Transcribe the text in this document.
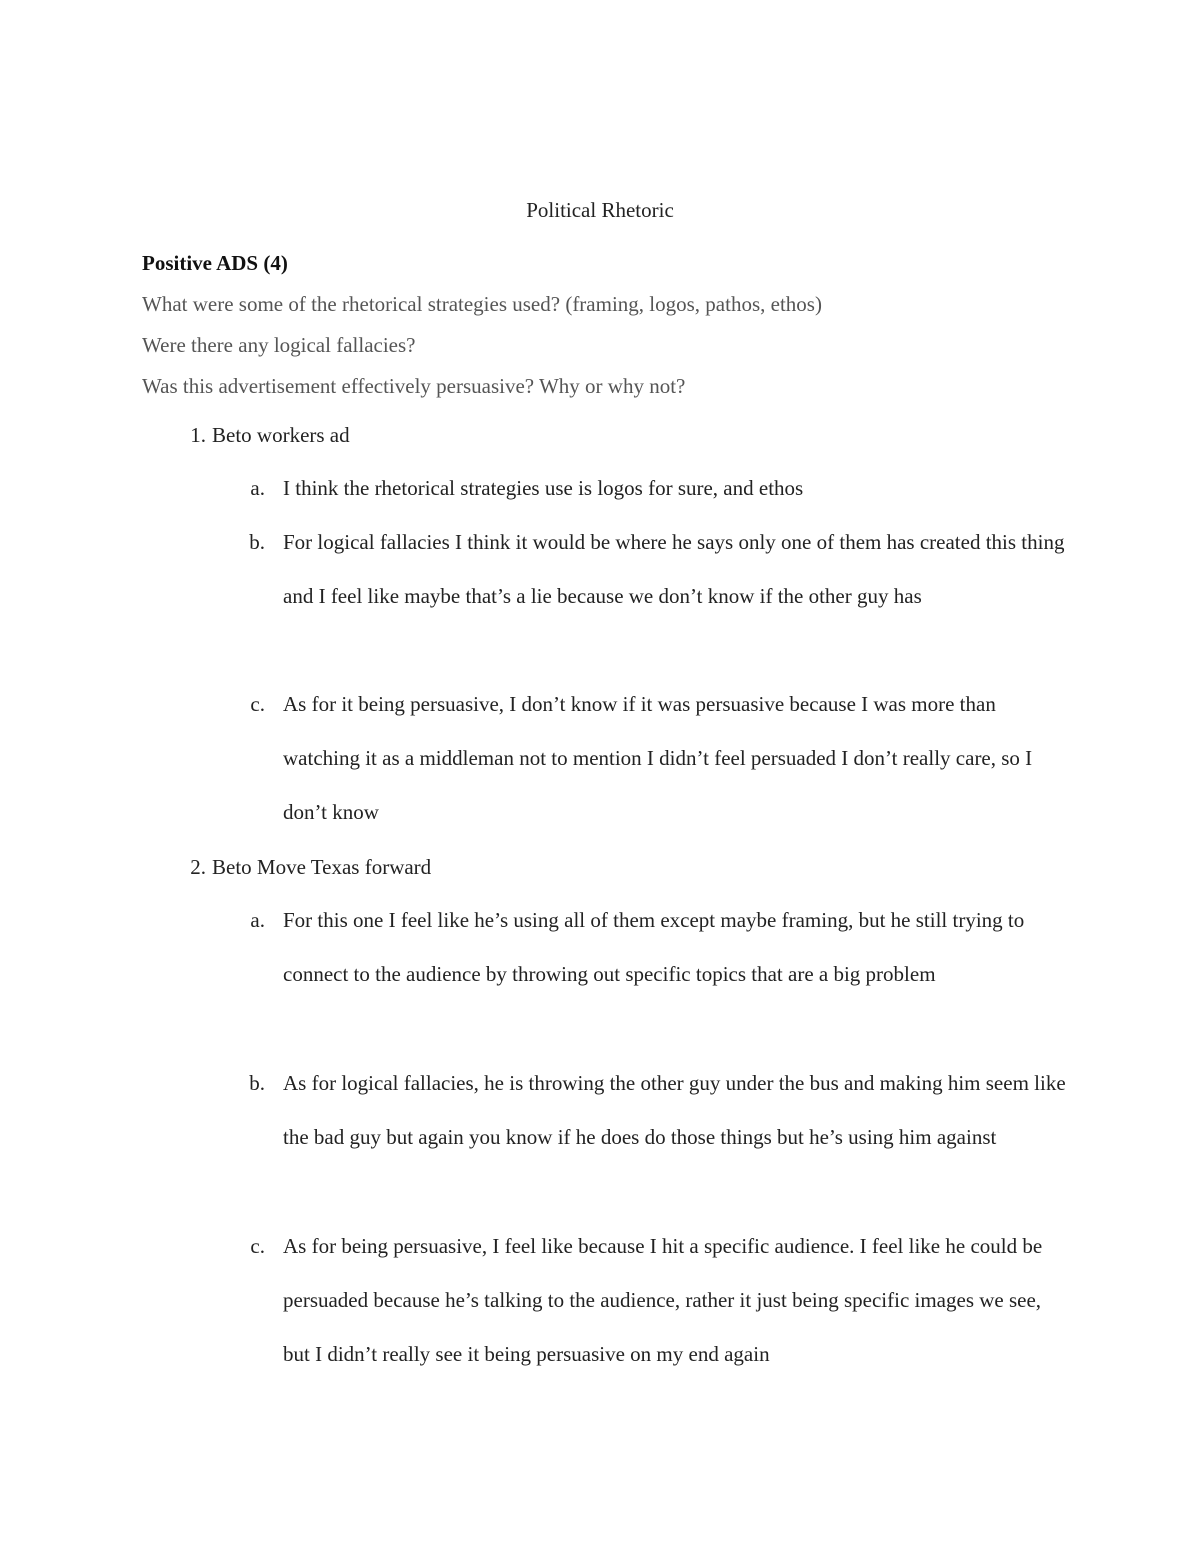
Political Rhetoric
Positive ADS (4)
What were some of the rhetorical strategies used? (framing, logos, pathos, ethos)
Were there any logical fallacies?
Was this advertisement effectively persuasive? Why or why not?
1. Beto workers ad
a. I think the rhetorical strategies use is logos for sure, and ethos
b. For logical fallacies I think it would be where he says only one of them has created this thing and I feel like maybe that’s a lie because we don’t know if the other guy has
c. As for it being persuasive, I don’t know if it was persuasive because I was more than watching it as a middleman not to mention I didn’t feel persuaded I don’t really care, so I don’t know
2. Beto Move Texas forward
a. For this one I feel like he’s using all of them except maybe framing, but he still trying to connect to the audience by throwing out specific topics that are a big problem
b. As for logical fallacies, he is throwing the other guy under the bus and making him seem like the bad guy but again you know if he does do those things but he’s using him against
c. As for being persuasive, I feel like because I hit a specific audience. I feel like he could be persuaded because he’s talking to the audience, rather it just being specific images we see, but I didn’t really see it being persuasive on my end again
